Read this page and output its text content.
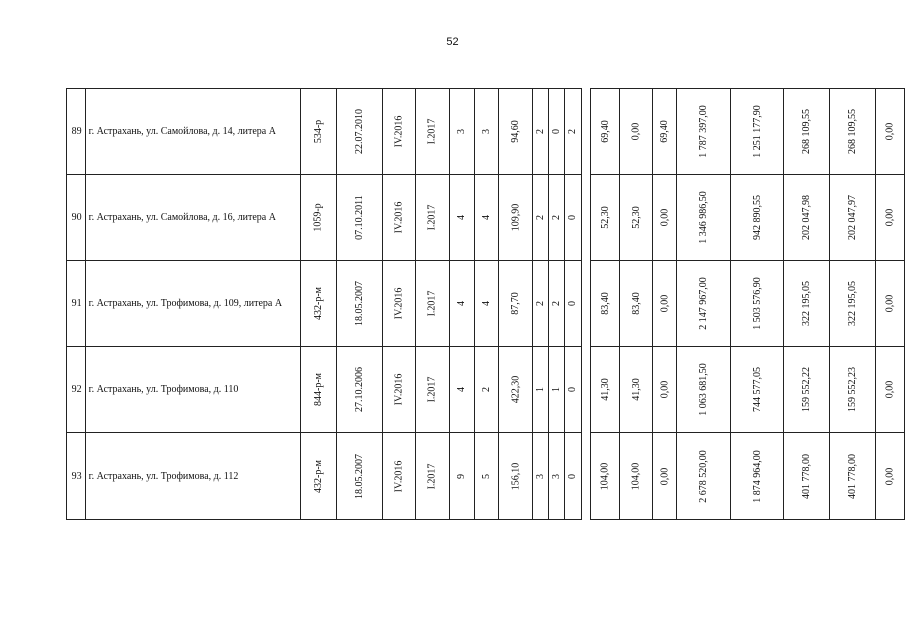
52
89	г. Астрахань, ул. Самойлова, д. 14, литера А	534-р	22.07.2010	IV.2016	I.2017	3	3	94,60	2	0	2		69,40	0,00	69,40	1 787 397,00	1 251 177,90	268 109,55	268 109,55	0,00
90	г. Астрахань, ул. Самойлова, д. 16, литера А	1059-р	07.10.2011	IV.2016	I.2017	4	4	109,90	2	2	0		52,30	52,30	0,00	1 346 986,50	942 890,55	202 047,98	202 047,97	0,00
91	г. Астрахань, ул. Трофимова, д. 109, литера А	432-р-м	18.05.2007	IV.2016	I.2017	4	4	87,70	2	2	0		83,40	83,40	0,00	2 147 967,00	1 503 576,90	322 195,05	322 195,05	0,00
92	г. Астрахань, ул. Трофимова, д. 110	844-р-м	27.10.2006	IV.2016	I.2017	4	2	422,30	1	1	0		41,30	41,30	0,00	1 063 681,50	744 577,05	159 552,22	159 552,23	0,00
93	г. Астрахань, ул. Трофимова, д. 112	432-р-м	18.05.2007	IV.2016	I.2017	9	5	156,10	3	3	0		104,00	104,00	0,00	2 678 520,00	1 874 964,00	401 778,00	401 778,00	0,00
